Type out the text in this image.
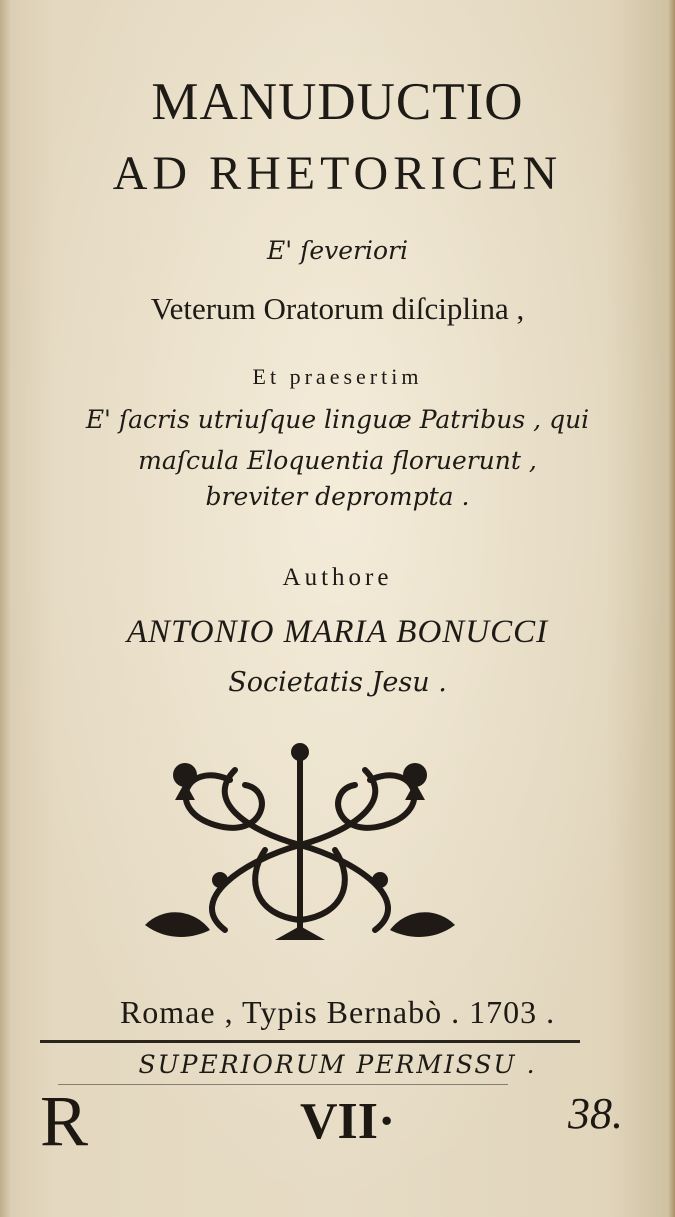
MANUDUCTIO
AD RHETORICEN
E' ſeveriori
Veterum Oratorum diſciplina ,
Et praesertim
E' ſacris utriuſque linguæ Patribus , qui
maſcula Eloquentia floruerunt ,
breviter deprompta .
Authore
ANTONIO MARIA BONUCCI
Societatis Jesu .
Romae , Typis Bernabò . 1703 .
SUPERIORUM PERMISSU .
R	VII·	38.
